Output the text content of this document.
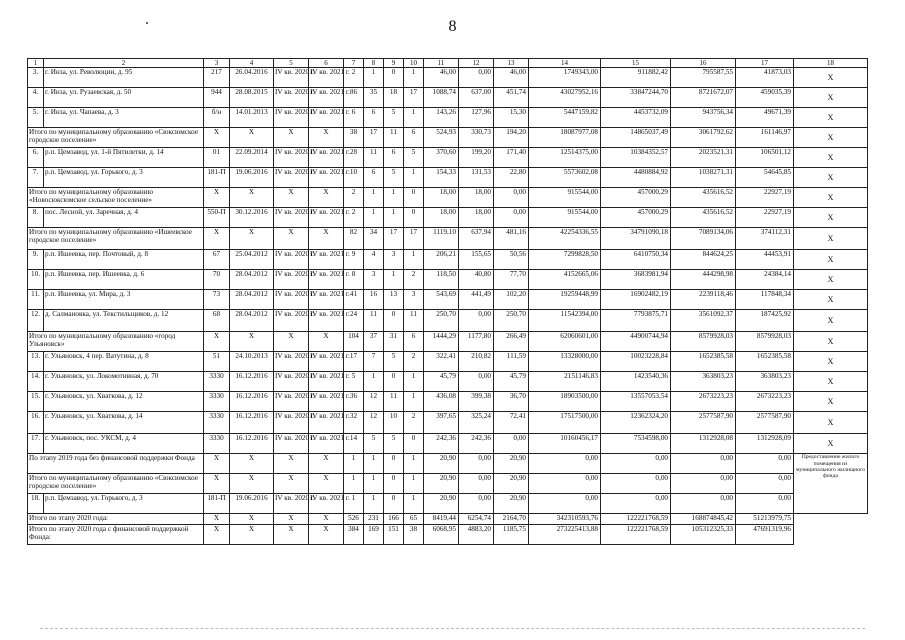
8
1	2	3	4	5	6	7	8	9	10	11	12	13	14	15	16	17	18
3.	г. Инза, ул. Революции, д. 95	217	26.04.2016	IV кв. 2020 г.	IV кв. 2021 г.	2	1	0	1	46,00	0,00	46,00	1749343,00	911882,42	795587,55	41873,03	X
4.	г. Инза, ул. Рузаевская, д. 50	944	28.08.2015	IV кв. 2020 г.	IV кв. 2021 г.	86	35	18	17	1088,74	637,00	451,74	43027952,16	33847244,70	8721672,07	459035,39	X
5.	г. Инза, ул. Чапаева, д. 3	б/н	14.01.2013	IV кв. 2020 г.	IV кв. 2021 г.	6	6	5	1	143,26	127,96	15,30	5447159,82	4453732,09	943756,34	49671,39	X
Итого по муниципальному образованию «Сюксюмское городское поселение»		X	X	X	X	38	17	11	6	524,93	330,73	194,20	18087977,08	14865037,49	3061792,62	161146,97	X
6.	р.п. Цемзавод, ул. 1-й Пятилетки, д. 14	01	22.09.2014	IV кв. 2020 г.	IV кв. 2021 г.	28	11	6	5	370,60	199,20	171,40	12514375,00	10384352,57	2023521,31	106501,12	X
7.	р.п. Цемзавод, ул. Горького, д. 3	181-П	19.06.2016	IV кв. 2020 г.	IV кв. 2021 г.	10	6	5	1	154,33	131,53	22,80	5573602,08	4480884,92	1038271,31	54645,85	X
Итого по муниципальному образованию «Новосюксюмское сельское поселение»		X	X	X	X	2	1	1	0	18,00	18,00	0,00	915544,00	457000,29	435616,52	22927,19	X
8.	пос. Лесной, ул. Заречная, д. 4	550-П	30.12.2016	IV кв. 2020 г.	IV кв. 2021 г.	2	1	1	0	18,00	18,00	0,00	915544,00	457000,29	435616,52	22927,19	X
Итого по муниципальному образованию «Ишеевское городское поселение»		X	X	X	X	82	34	17	17	1119,10	637,94	481,16	42254336,55	34791090,18	7089134,06	374112,31	X
9.	р.п. Ишеевка, пер. Почтовый, д. 8	67	25.04.2012	IV кв. 2020 г.	IV кв. 2021 г.	9	4	3	1	206,21	155,65	50,56	7299828,50	6410750,34	844624,25	44453,91	X
10.	р.п. Ишеевка, пер. Ишеевка, д. 6	70	28.04.2012	IV кв. 2020 г.	IV кв. 2021 г.	8	3	1	2	118,50	40,80	77,70	4152665,06	3683981,94	444298,98	24384,14	X
11.	р.п. Ишеевка, ул. Мира, д. 3	73	28.04.2012	IV кв. 2020 г.	IV кв. 2021 г.	41	16	13	3	543,69	441,49	102,20	19259448,99	16902482,19	2239118,46	117848,34	X
12.	д. Салмановка, ул. Текстильщиков, д. 12	68	28.04.2012	IV кв. 2020 г.	IV кв. 2021 г.	24	11	0	11	250,70	0,00	250,70	11542394,00	7793875,71	3561092,37	187425,92	X
Итого по муниципальному образованию «город Ульяновск»		X	X	X	X	104	37	31	6	1444,29	1177,80	266,49	62060601,00	44900744,94	8579928,03	8579928,03	X
13.	г. Ульяновск, 4 пер. Ватутина, д. 8	51	24.10.2013	IV кв. 2020 г.	IV кв. 2021 г.	17	7	5	2	322,41	210,82	111,59	13328000,00	10023228,84	1652385,58	1652385,58	X
14.	г. Ульяновск, ул. Локомотивная, д. 70	3330	16.12.2016	IV кв. 2020 г.	IV кв. 2021 г.	5	1	0	1	45,79	0,00	45,79	2151146,83	1423540,36	363803,23	363803,23	X
15.	г. Ульяновск, ул. Хваткова, д. 12	3330	16.12.2016	IV кв. 2020 г.	IV кв. 2021 г.	36	12	11	1	436,08	399,38	36,70	18903500,00	13557053,54	2673223,23	2673223,23	X
16.	г. Ульяновск, ул. Хваткова, д. 14	3330	16.12.2016	IV кв. 2020 г.	IV кв. 2021 г.	32	12	10	2	397,65	325,24	72,41	17517500,00	12362324,20	2577587,90	2577587,90	X
17.	г. Ульяновск, пос. УКСМ, д. 4	3330	16.12.2016	IV кв. 2020 г.	IV кв. 2021 г.	14	5	5	0	242,36	242,36	0,00	10160456,17	7534598,00	1312928,08	1312928,09	X
По этапу 2019 года без финансовой поддержки Фонда		X	X	X	X	1	1	0	1	20,90	0,00	20,90	0,00	0,00	0,00	0,00	Предоставление жилого помещения из муниципального жилищного фонда
Итого по муниципальному образованию «Сюксюмское городское поселение»		X	X	X	X	1	1	0	1	20,90	0,00	20,90	0,00	0,00	0,00	0,00	
18.	р.п. Цемзавод, ул. Горького, д. 3	181-П	19.06.2016	IV кв. 2020 г.	IV кв. 2021 г.	1	1	0	1	20,90	0,00	20,90	0,00	0,00	0,00	0,00	
Итого по этапу 2020 года:		X	X	X	X	526	231	166	65	8419,44	6254,74	2164,70	342310593,76	122221768,59	168874845,42	51213979,75	
Итого по этапу 2020 года с финансовой поддержкой Фонда:		X	X	X	X	384	169	151	38	6068,95	4883,20	1185,75	273225413,88	122221768,59	105312325,33	47691319,96	
